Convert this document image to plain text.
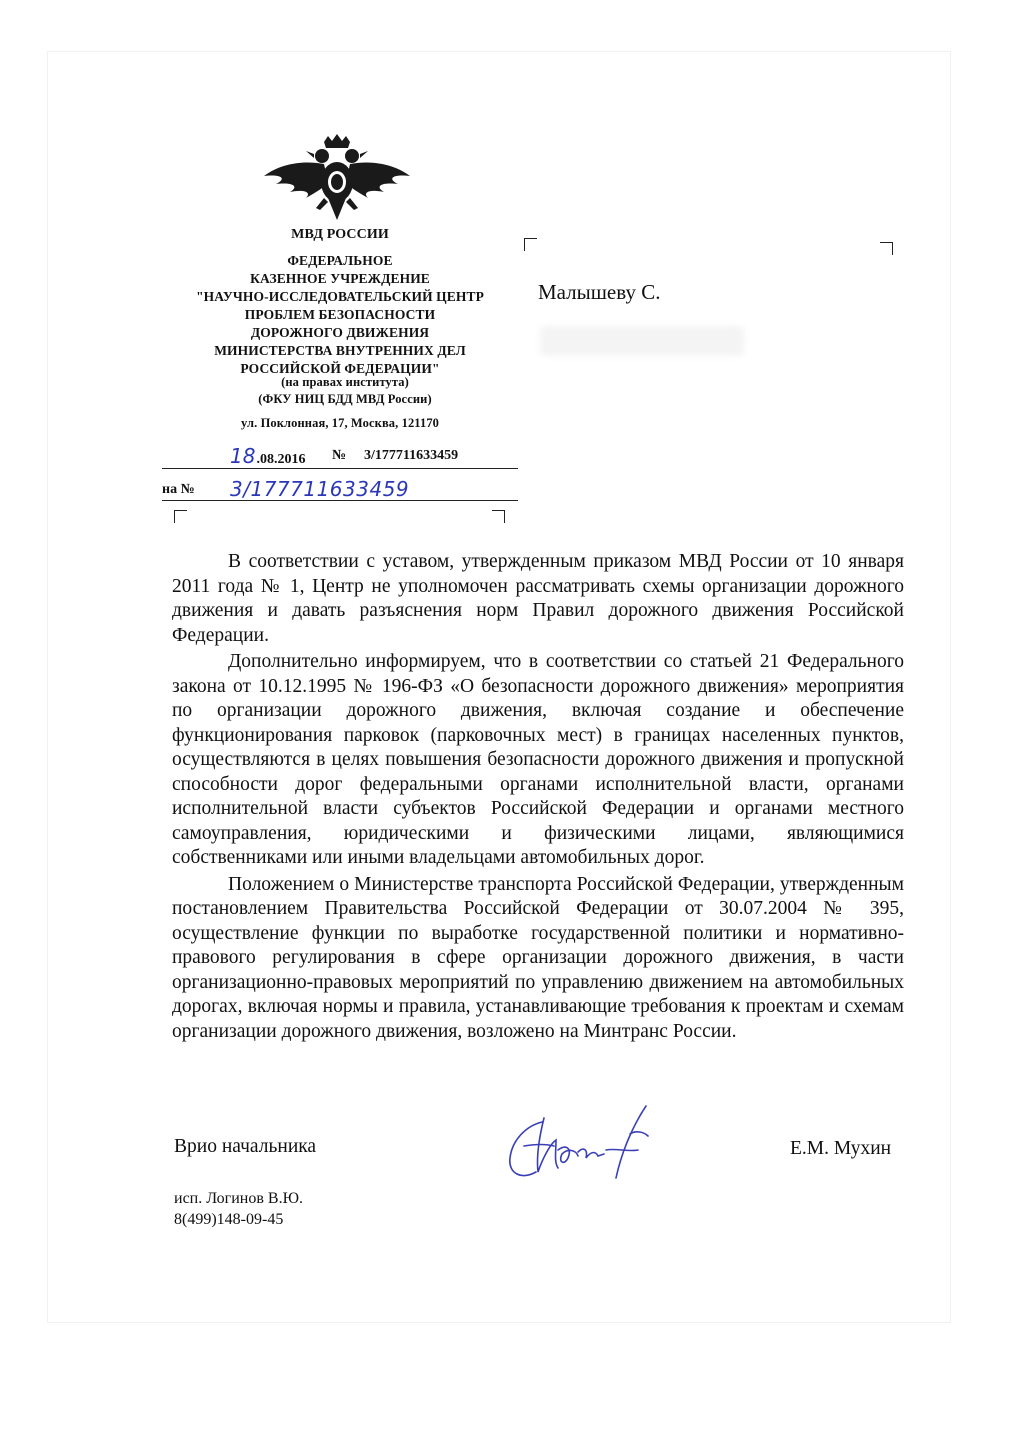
МВД РОССИИ
ФЕДЕРАЛЬНОЕ
КАЗЕННОЕ УЧРЕЖДЕНИЕ
"НАУЧНО-ИССЛЕДОВАТЕЛЬСКИЙ ЦЕНТР
ПРОБЛЕМ БЕЗОПАСНОСТИ
ДОРОЖНОГО ДВИЖЕНИЯ
МИНИСТЕРСТВА ВНУТРЕННИХ ДЕЛ
РОССИЙСКОЙ ФЕДЕРАЦИИ"
(на правах института)
(ФКУ НИЦ БДД МВД России)
ул. Поклонная, 17, Москва, 121170
18.08.2016 № 3/177711633459
на № 3/177711633459
Малышеву С.

В соответствии с уставом, утвержденным приказом МВД России от 10 января 2011 года № 1, Центр не уполномочен рассматривать схемы организации дорожного движения и давать разъяснения норм Правил дорожного движения Российской Федерации.

Дополнительно информируем, что в соответствии со статьей 21 Федерального закона от 10.12.1995 № 196-ФЗ «О безопасности дорожного движения» мероприятия по организации дорожного движения, включая создание и обеспечение функционирования парковок (парковочных мест) в границах населенных пунктов, осуществляются в целях повышения безопасности дорожного движения и пропускной способности дорог федеральными органами исполнительной власти, органами исполнительной власти субъектов Российской Федерации и органами местного самоуправления, юридическими и физическими лицами, являющимися собственниками или иными владельцами автомобильных дорог.

Положением о Министерстве транспорта Российской Федерации, утвержденным постановлением Правительства Российской Федерации от 30.07.2004 № 395, осуществление функции по выработке государственной политики и нормативно-правового регулирования в сфере организации дорожного движения, в части организационно-правовых мероприятий по управлению движением на автомобильных дорогах, включая нормы и правила, устанавливающие требования к проектам и схемам организации дорожного движения, возложено на Минтранс России.

Врио начальника	Е.М. Мухин
исп. Логинов В.Ю.
8(499)148-09-45
